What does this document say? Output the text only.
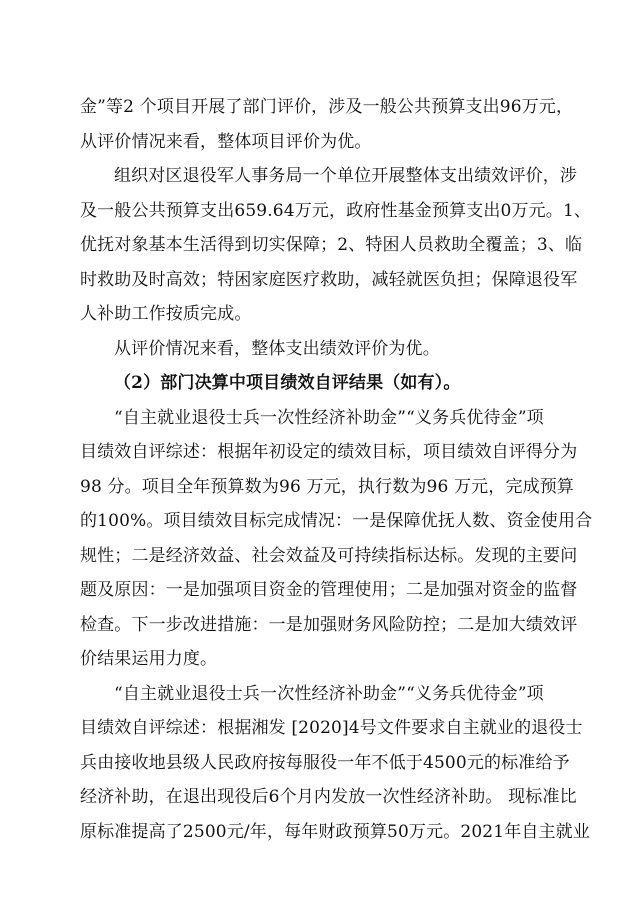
金”等2 个项目开展了部门评价，涉及一般公共预算支出96万元，
从评价情况来看，整体项目评价为优。
组织对区退役军人事务局一个单位开展整体支出绩效评价，涉
及一般公共预算支出659.64万元，政府性基金预算支出0万元。1、
优抚对象基本生活得到切实保障；2、特困人员救助全覆盖；3、临
时救助及时高效；特困家庭医疗救助，减轻就医负担；保障退役军
人补助工作按质完成。
从评价情况来看，整体支出绩效评价为优。
（2）部门决算中项目绩效自评结果（如有）。
“自主就业退役士兵一次性经济补助金”“义务兵优待金”项
目绩效自评综述：根据年初设定的绩效目标，项目绩效自评得分为
98 分。项目全年预算数为96 万元，执行数为96 万元，完成预算
的100%。项目绩效目标完成情况：一是保障优抚人数、资金使用合
规性；二是经济效益、社会效益及可持续指标达标。发现的主要问
题及原因：一是加强项目资金的管理使用；二是加强对资金的监督
检查。下一步改进措施：一是加强财务风险防控；二是加大绩效评
价结果运用力度。
“自主就业退役士兵一次性经济补助金”“义务兵优待金”项
目绩效自评综述：根据湘发 [2020]4号文件要求自主就业的退役士
兵由接收地县级人民政府按每服役一年不低于4500元的标准给予
经济补助，在退出现役后6个月内发放一次性经济补助。 现标准比
原标准提高了2500元/年，每年财政预算50万元。2021年自主就业
